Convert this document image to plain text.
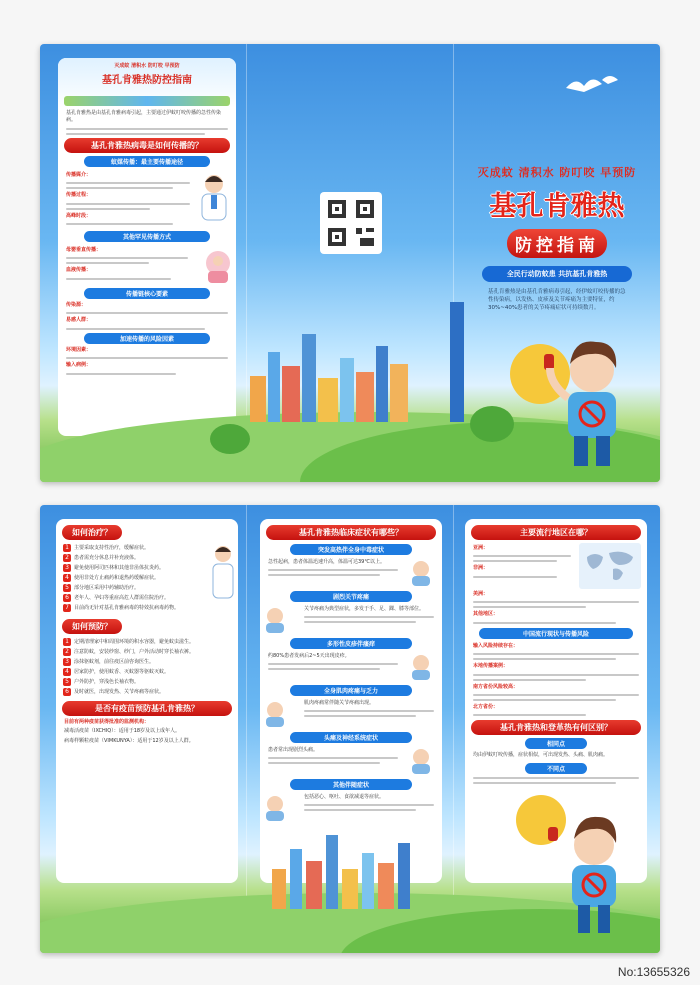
灭成蚊 清积水 防叮咬 早预防
基孔肯雅热防控指南
基孔肯雅热是由基孔肯雅病毒引起，主要通过伊蚊叮咬传播的急性传染病。
基孔肯雅热病毒是如何传播的？
蚊媒传播：最主要传播途径
传播媒介：
传播过程：
高峰时段：
其他罕见传播方式
母婴垂直传播：
血液传播：
传播链核心要素
传染源：
易感人群：
加速传播的风险因素
环境因素：
输入病例：
灭成蚊 清积水 防叮咬 早预防
基孔肯雅热
防控指南
全民行动防蚊患 共抗基孔肯雅热
基孔肯雅热是由基孔肯雅病毒引起，经伊蚊叮咬传播的急性传染病，以发热、皮疹及关节疼痛为主要特征，约30%~40%患者的关节疼痛症状可持续数月。
如何治疗？
1	主要采取支持性治疗，缓解症状。
2	患者需充分休息并补充液体。
3	避免使用阿司匹林和其他非甾体抗炎药。
4	使用非处方止痛药和退热药缓解症状。
5	部分地区采用中药辅助治疗。
6	老年人、孕妇等重症高危人群需住院治疗。
7	目前尚无针对基孔肯雅病毒的特效抗病毒药物。
如何预防？
1	定期清理家中和周围环境的积水容器，避免蚊虫滋生。
2	注意防蚊，安装纱窗、纱门，户外活动时穿长袖衣裤。
3	涂抹驱蚊剂，前往疫区前咨询医生。
4	居家防护，使用蚊香、灭蚊器等驱蚊灭蚊。
5	户外防护，穿浅色长袖衣物。
6	及时就医，出现发热、关节疼痛等症状。
是否有疫苗预防基孔肯雅热？
目前有两种疫苗获得批准的监测机构：
减毒活疫苗（IXCHIQ）：适用于18岁及以上成年人。
病毒样颗粒疫苗（VIMKUNYA）：适用于12岁及以上人群。
基孔肯雅热临床症状有哪些？
突发高热伴全身中毒症状
急性起病，患者体温迅速升高，体温可达39℃以上。
剧烈关节疼痛
关节疼痛为典型症状，多发于手、足、踝、膝等部位。
多形性皮疹伴瘙痒
约80%患者发病后2~5天出现皮疹。
全身肌肉疼痛与乏力
肌肉疼痛常伴随关节疼痛出现。
头痛及神经系统症状
患者常出现剧烈头痛。
其他伴随症状
包括恶心、呕吐、食欲减退等症状。
主要流行地区在哪？
亚洲：
非洲：
美洲：
其他地区：
中国流行现状与传播风险
输入风险持续存在：
本地传播案例：
南方省份风险较高：
北方省份：
基孔肯雅热和登革热有何区别？
相同点
均由伊蚊叮咬传播，症状相似，可出现发热、头痛、肌肉痛。
不同点
No:13655326
